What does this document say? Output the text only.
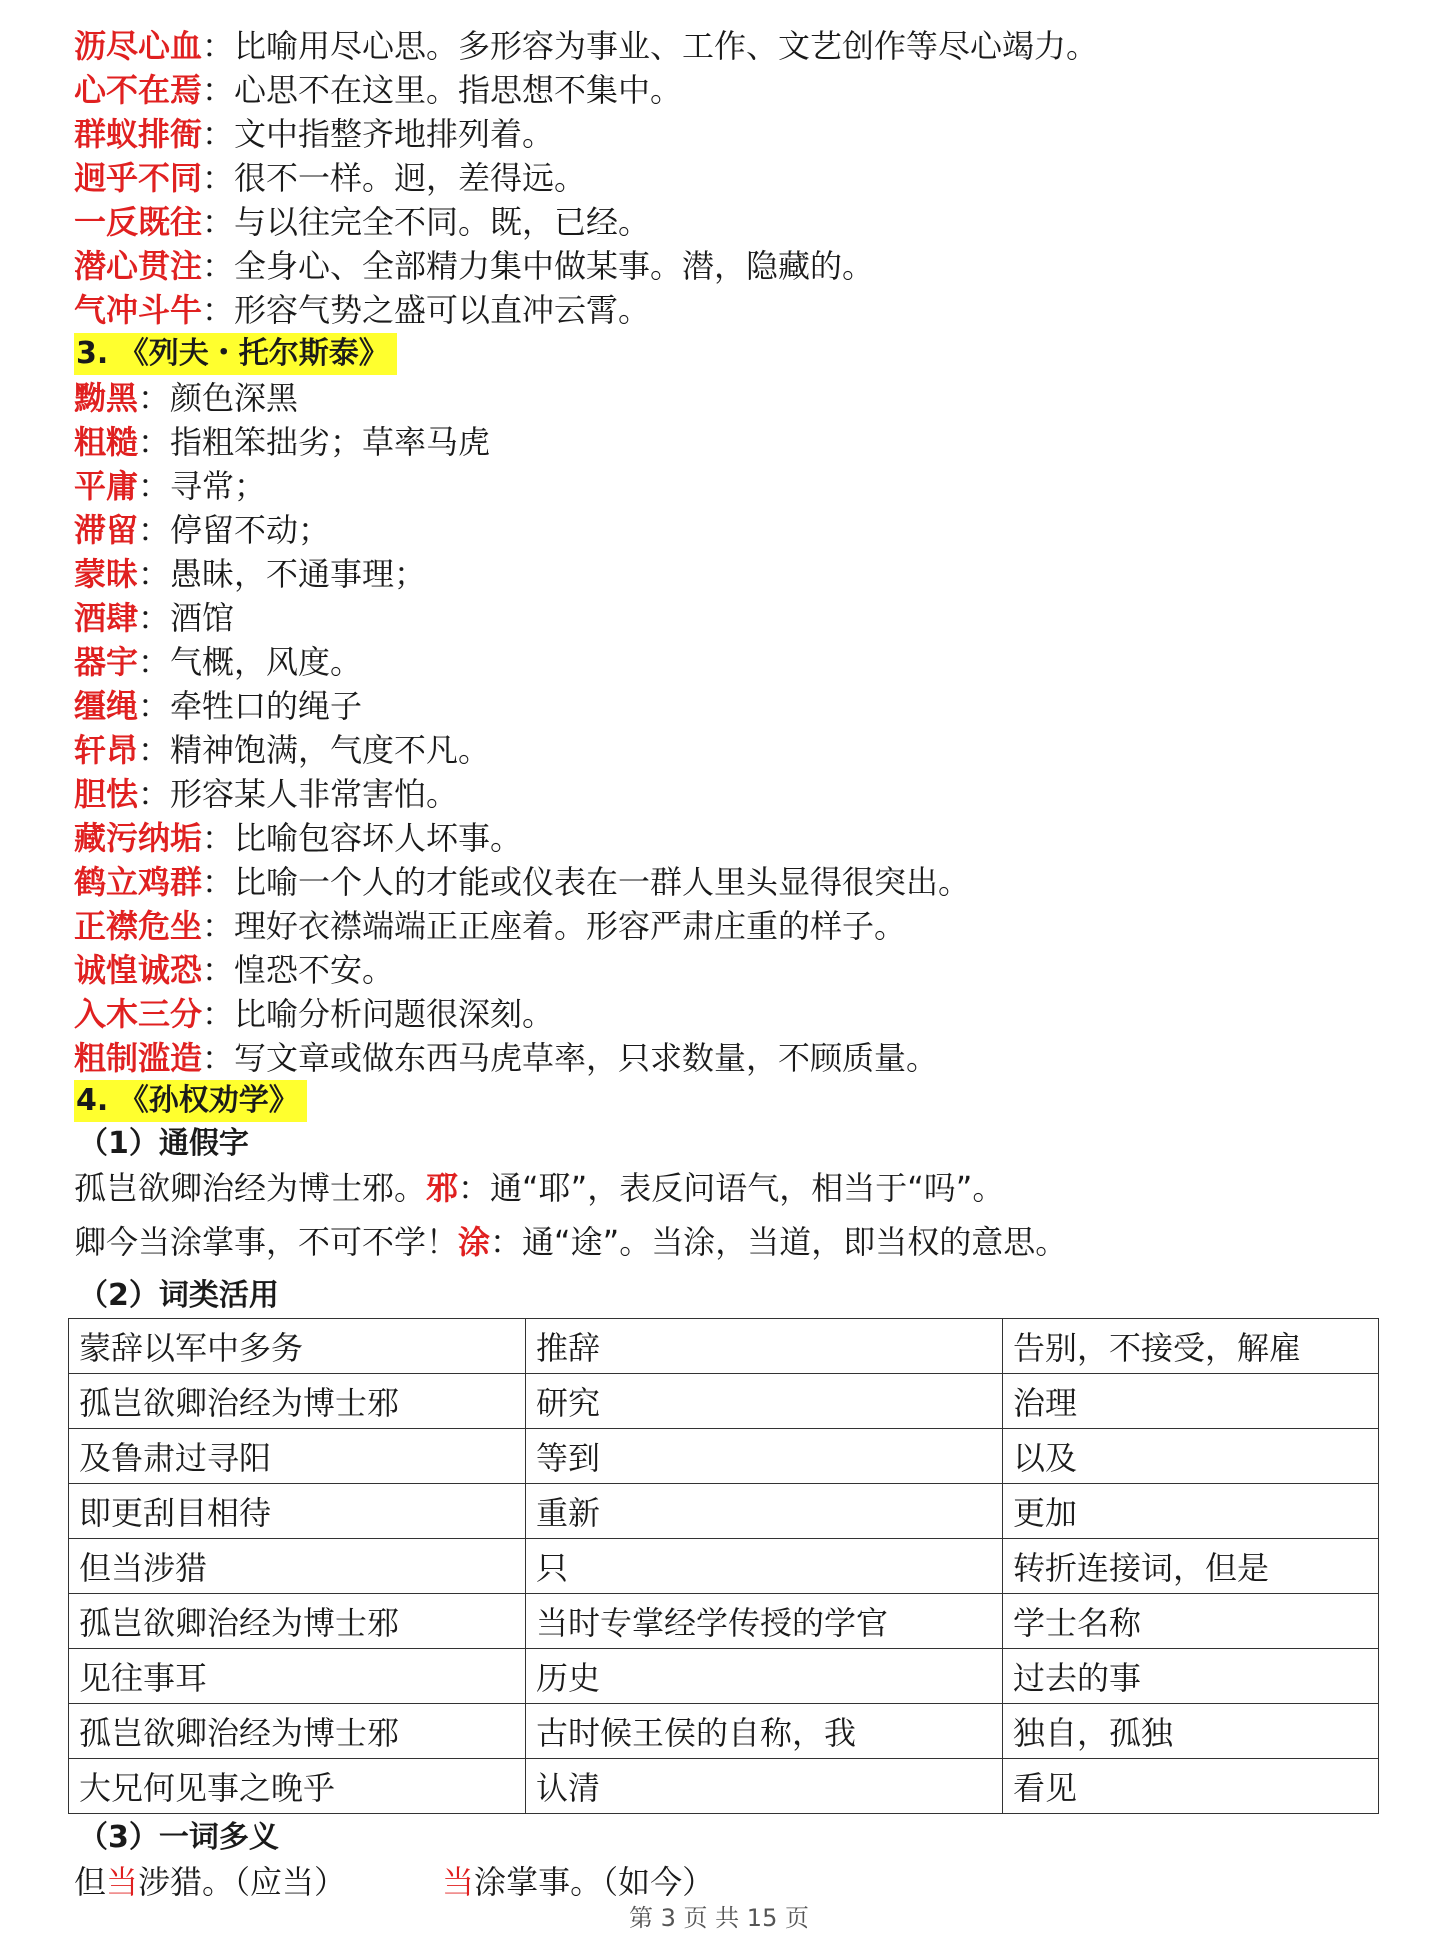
沥尽心血：比喻用尽心思。多形容为事业、工作、文艺创作等尽心竭力。
心不在焉：心思不在这里。指思想不集中。
群蚁排衙：文中指整齐地排列着。
迥乎不同：很不一样。迥，差得远。
一反既往：与以往完全不同。既，已经。
潜心贯注：全身心、全部精力集中做某事。潜，隐藏的。
气冲斗牛：形容气势之盛可以直冲云霄。
3. 《列夫・托尔斯泰》
黝黑：颜色深黑
粗糙：指粗笨拙劣；草率马虎
平庸：寻常；
滞留：停留不动；
蒙昧：愚昧，不通事理；
酒肆：酒馆
器宇：气概，风度。
缰绳：牵牲口的绳子
轩昂：精神饱满，气度不凡。
胆怯：形容某人非常害怕。
藏污纳垢：比喻包容坏人坏事。
鹤立鸡群：比喻一个人的才能或仪表在一群人里头显得很突出。
正襟危坐：理好衣襟端端正正座着。形容严肃庄重的样子。
诚惶诚恐：惶恐不安。
入木三分：比喻分析问题很深刻。
粗制滥造：写文章或做东西马虎草率，只求数量，不顾质量。
4. 《孙权劝学》
（1）通假字
孤岂欲卿治经为博士邪。邪：通“耶”，表反问语气，相当于“吗”。
卿今当涂掌事，不可不学！涂：通“途”。当涂，当道，即当权的意思。
（2）词类活用
蒙辞以军中多务	推辞	告别，不接受，解雇
孤岂欲卿治经为博士邪	研究	治理
及鲁肃过寻阳	等到	以及
即更刮目相待	重新	更加
但当涉猎	只	转折连接词，但是
孤岂欲卿治经为博士邪	当时专掌经学传授的学官	学士名称
见往事耳	历史	过去的事
孤岂欲卿治经为博士邪	古时候王侯的自称，我	独自，孤独
大兄何见事之晚乎	认清	看见
（3）一词多义
但当涉猎。（应当）	当涂掌事。（如今）
第 3 页 共 15 页
